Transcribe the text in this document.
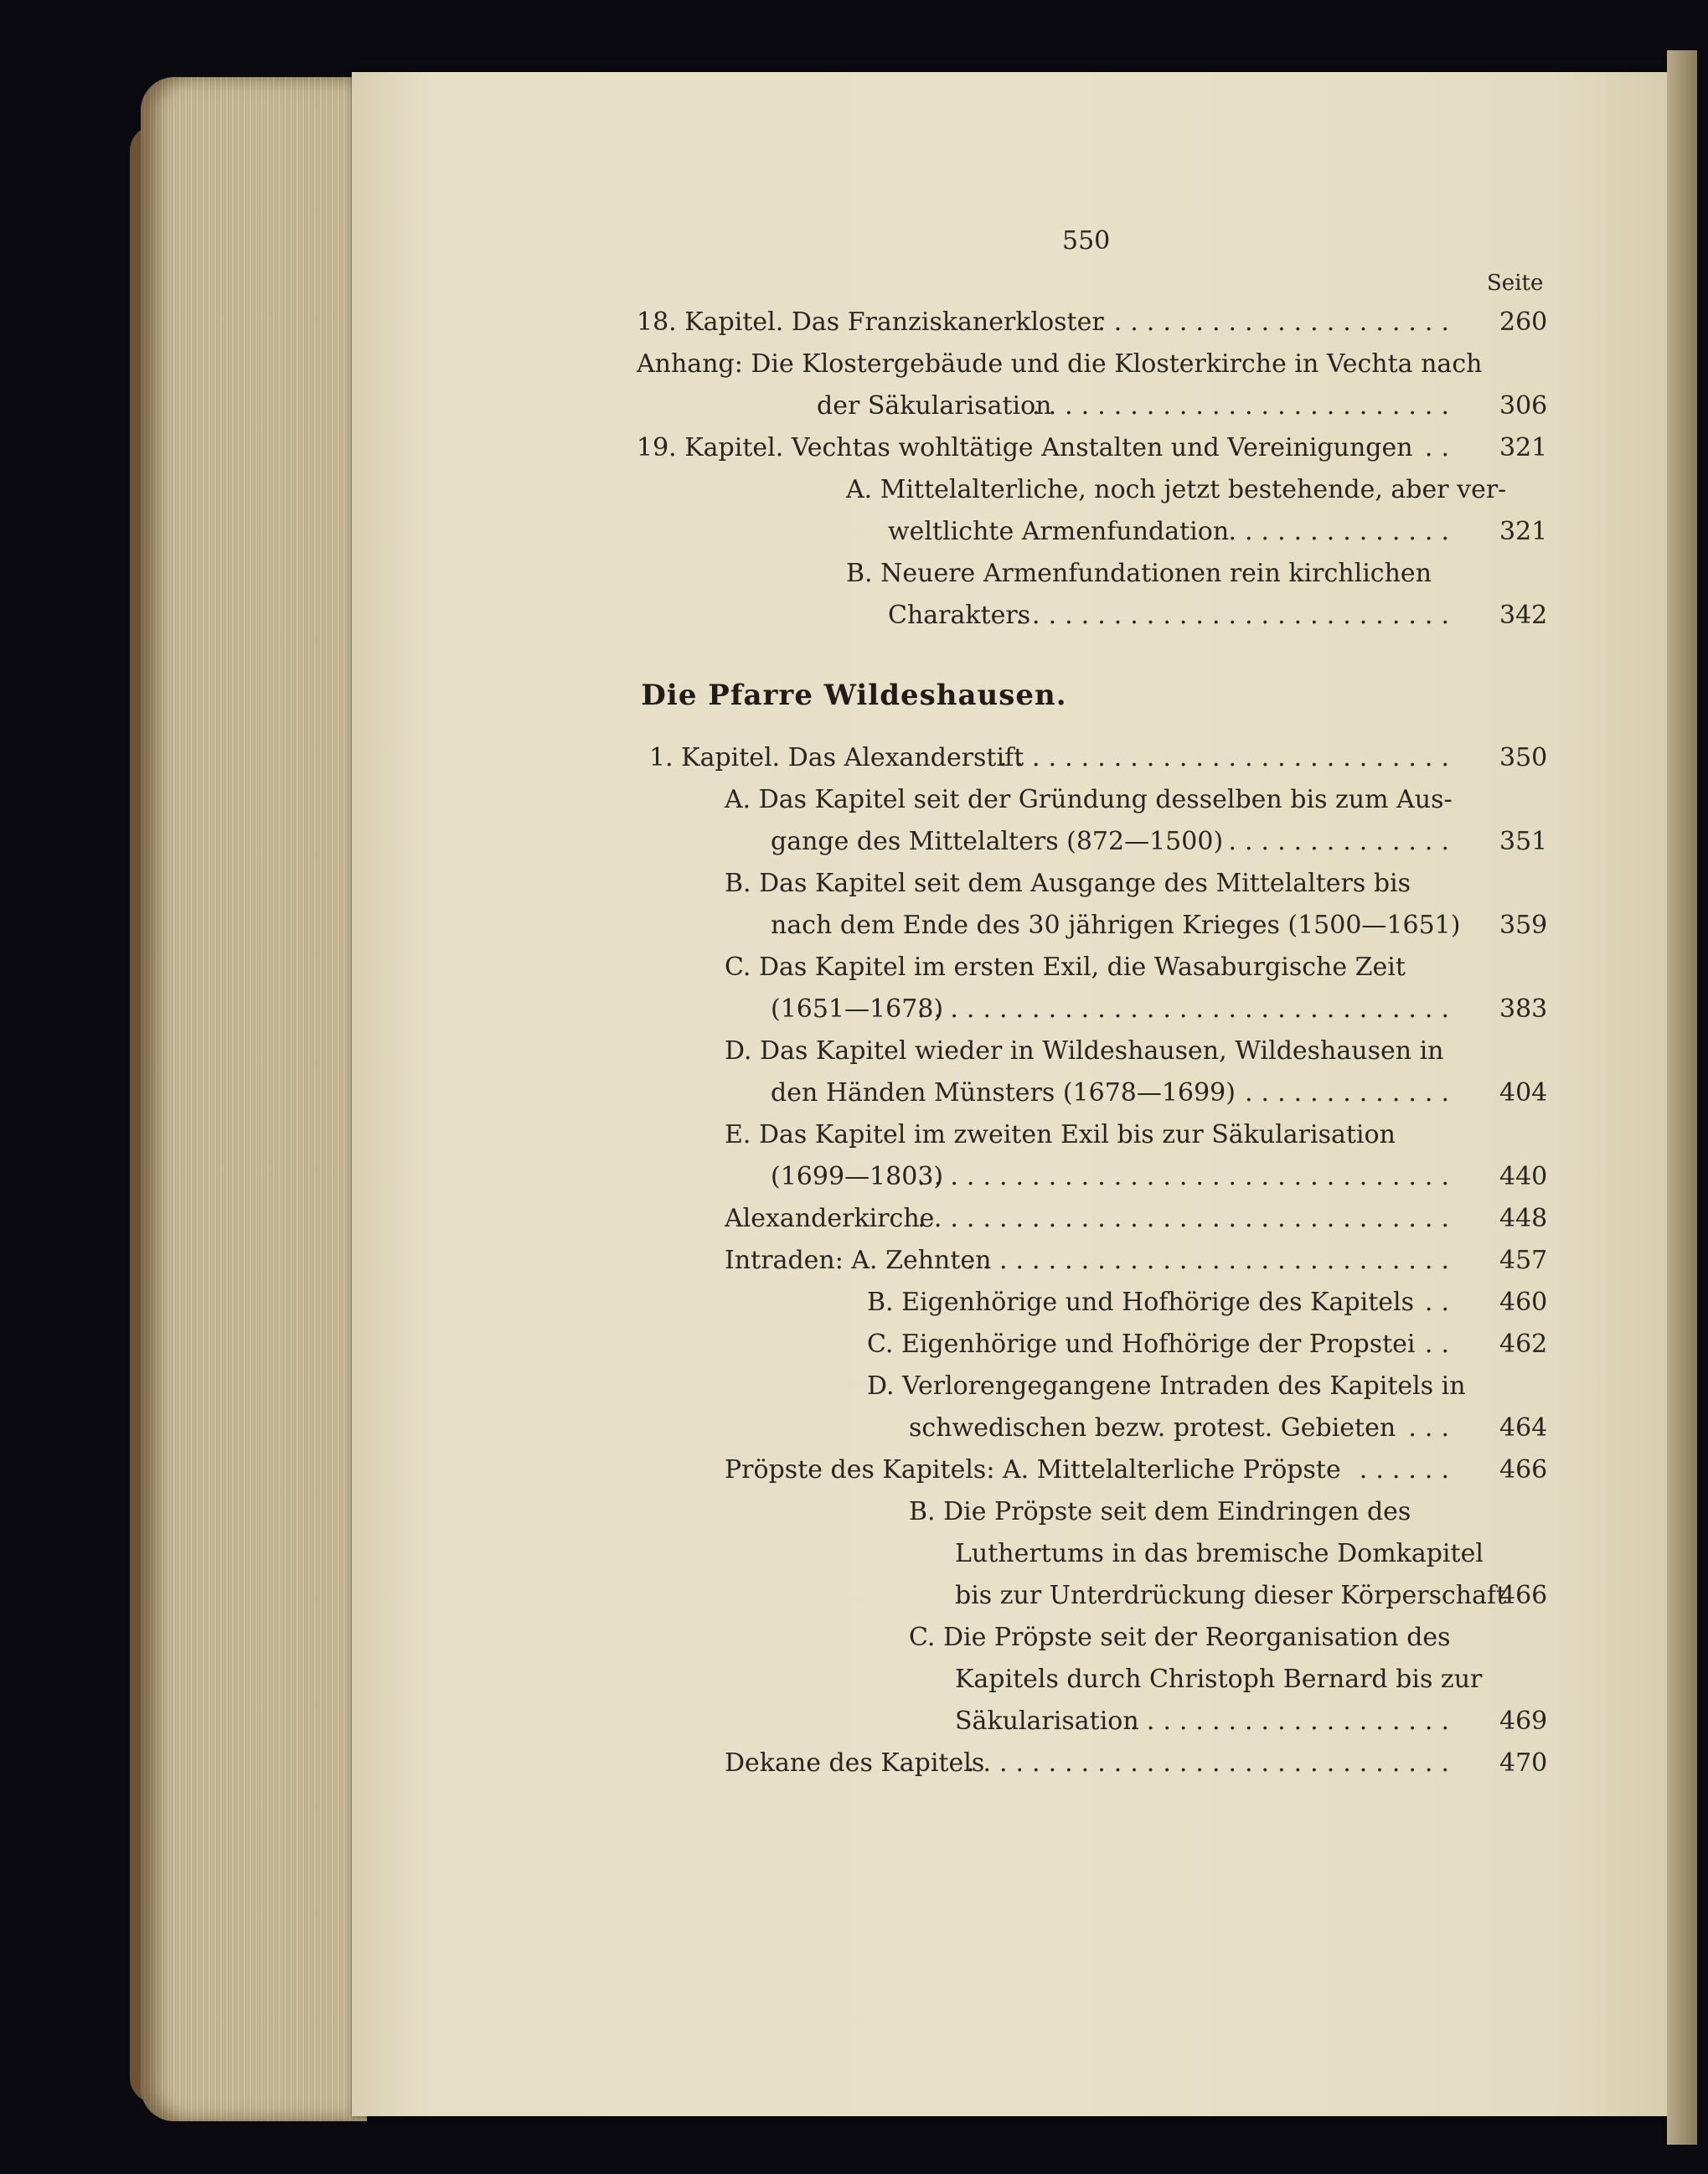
550
Seite
Die Pfarre Wildeshausen.
18. Kapitel. Das Franziskanerkloster
...................... 260
Anhang: Die Klostergebäude und die Klosterkirche in Vechta nach
der Säkularisation
.......................... 306
19. Kapitel. Vechtas wohltätige Anstalten und Vereinigungen .. 321
A. Mittelalterliche, noch jetzt bestehende, aber ver-
weltlichte Armenfundation .............. 321
B. Neuere Armenfundationen rein kirchlichen
Charakters
........................... 342
1. Kapitel. Das Alexanderstift
............................ 350
A. Das Kapitel seit der Gründung desselben bis zum Aus-
gange des Mittelalters (872—1500) .............. 351
B. Das Kapitel seit dem Ausgange des Mittelalters bis
nach dem Ende des 30 jährigen Krieges (1500—1651) 359
C. Das Kapitel im ersten Exil, die Wasaburgische Zeit
(1651—1678)
................................. 383
D. Das Kapitel wieder in Wildeshausen, Wildeshausen in
den Händen Münsters (1678—1699) ............. 404
E. Das Kapitel im zweiten Exil bis zur Säkularisation
(1699—1803)
................................. 440
Alexanderkirche
................................. 448
Intraden: A. Zehnten
.............................. 457
B. Eigenhörige und Hofhörige des Kapitels .. 460
C. Eigenhörige und Hofhörige der Propstei .. 462
D. Verlorengegangene Intraden des Kapitels in
schwedischen bezw. protest. Gebieten ... 464
Pröpste des Kapitels: A. Mittelalterliche Pröpste ...... 466
B. Die Pröpste seit dem Eindringen des
Luthertums in das bremische Domkapitel
bis zur Unterdrückung dieser Körperschaft
466
C. Die Pröpste seit der Reorganisation des
Kapitels durch Christoph Bernard bis zur
Säkularisation
.................... 469
Dekane des Kapitels
.............................. 470
